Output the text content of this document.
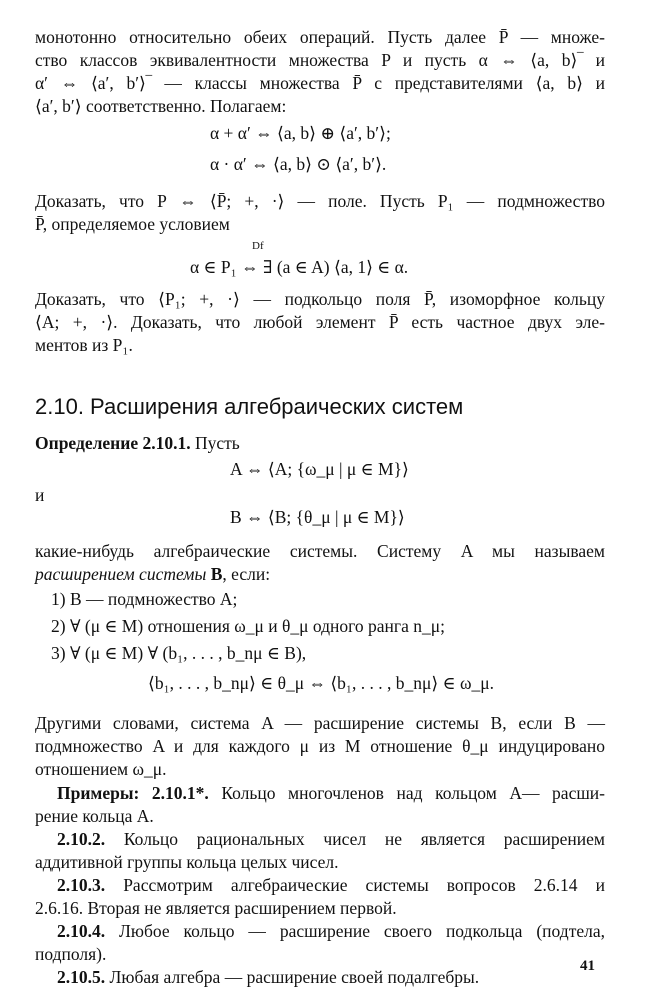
монотонно относительно обеих операций. Пусть далее P̄ — множе-
ство классов эквивалентности множества P и пусть α ⇔ ⟨a, b⟩‾ и
α′ ⇔ ⟨a′, b′⟩‾ — классы множества P̄ с представителями ⟨a, b⟩ и
⟨a′, b′⟩ соответственно. Полагаем:
α + α′ ⇔ ⟨a, b⟩ ⊕ ⟨a′, b′⟩;
α · α′ ⇔ ⟨a, b⟩ ⊙ ⟨a′, b′⟩.
Доказать, что P ⇔ ⟨P̄; +, ·⟩ — поле. Пусть P₁ — подмножество
P̄, определяемое условием
Df
α ∈ P₁ ⇔ ∃ (a ∈ A) ⟨a, 1⟩ ∈ α.
Доказать, что ⟨P₁; +, ·⟩ — подкольцо поля P̄, изоморфное кольцу
⟨A; +, ·⟩. Доказать, что любой элемент P̄ есть частное двух эле-
ментов из P₁.
2.10. Расширения алгебраических систем
Определение 2.10.1. Пусть
A ⇔ ⟨A; {ω_μ | μ ∈ M}⟩
и
B ⇔ ⟨B; {θ_μ | μ ∈ M}⟩
какие-нибудь алгебраические системы. Систему A мы называем
расширением системы B, если:
1) B — подмножество A;
2) ∀ (μ ∈ M) отношения ω_μ и θ_μ одного ранга n_μ;
3) ∀ (μ ∈ M) ∀ (b₁, . . . , b_nμ ∈ B),
⟨b₁, . . . , b_nμ⟩ ∈ θ_μ ⇔ ⟨b₁, . . . , b_nμ⟩ ∈ ω_μ.
Другими словами, система A — расширение системы B, если B —
подмножество A и для каждого μ из M отношение θ_μ индуцировано
отношением ω_μ.
Примеры: 2.10.1*. Кольцо многочленов над кольцом A— расши-
рение кольца A.
2.10.2. Кольцо рациональных чисел не является расширением
аддитивной группы кольца целых чисел.
2.10.3. Рассмотрим алгебраические системы вопросов 2.6.14 и
2.6.16. Вторая не является расширением первой.
2.10.4. Любое кольцо — расширение своего подкольца (подтела,
подполя).
2.10.5. Любая алгебра — расширение своей подалгебры.
41
